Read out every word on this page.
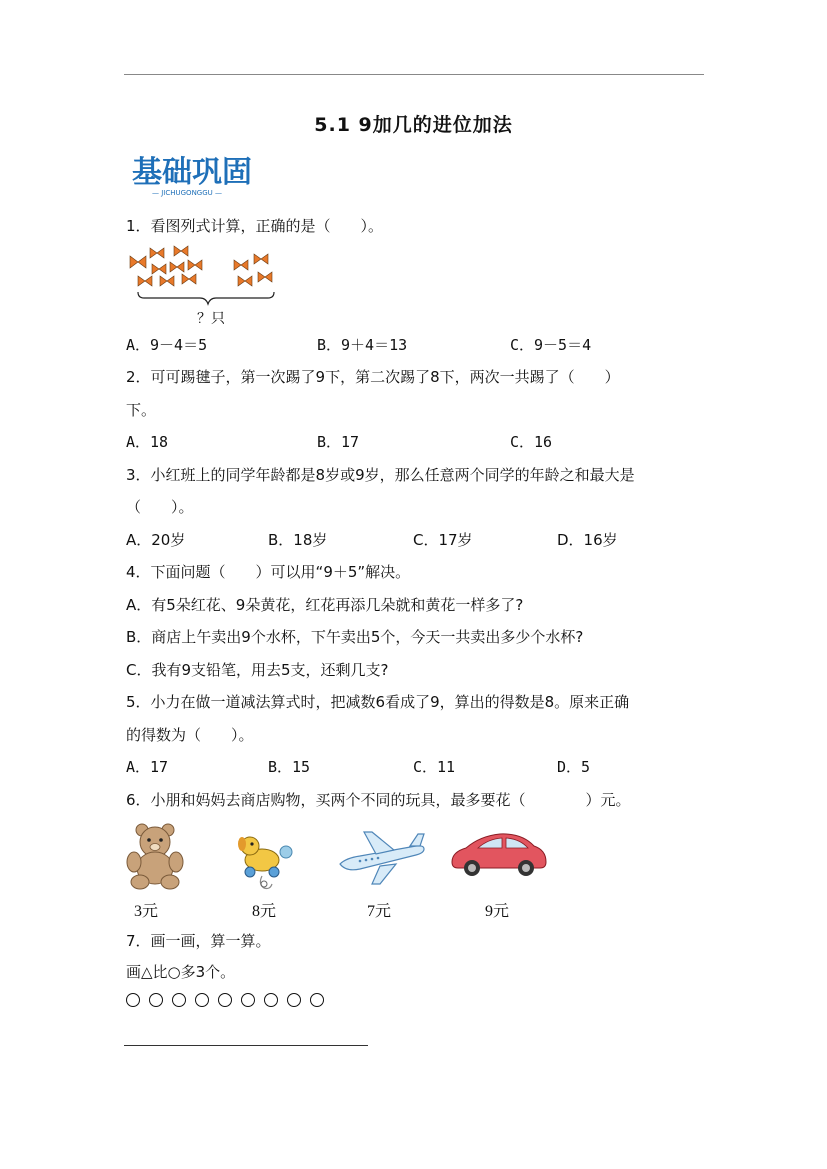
5.1 9加几的进位加法
基础巩固
— JICHUGONGGU —
1．看图列式计算，正确的是（　　）。
？只
A．9－4＝5	B．9＋4＝13	C．9－5＝4
2．可可踢毽子，第一次踢了9下，第二次踢了8下，两次一共踢了（　　）
下。
A．18	B．17	C．16
3．小红班上的同学年龄都是8岁或9岁，那么任意两个同学的年龄之和最大是
（　　）。
A．20岁	B．18岁	C．17岁	D．16岁
4．下面问题（　　）可以用“9＋5”解决。
A．有5朵红花、9朵黄花，红花再添几朵就和黄花一样多了?
B．商店上午卖出9个水杯，下午卖出5个，今天一共卖出多少个水杯?
C．我有9支铅笔，用去5支，还剩几支?
5．小力在做一道减法算式时，把减数6看成了9，算出的得数是8。原来正确
的得数为（　　）。
A．17	B．15	C．11	D．5
6．小朋和妈妈去商店购物，买两个不同的玩具，最多要花（　　　　）元。
3元	8元	7元	9元
7．画一画，算一算。
画△比○多3个。
